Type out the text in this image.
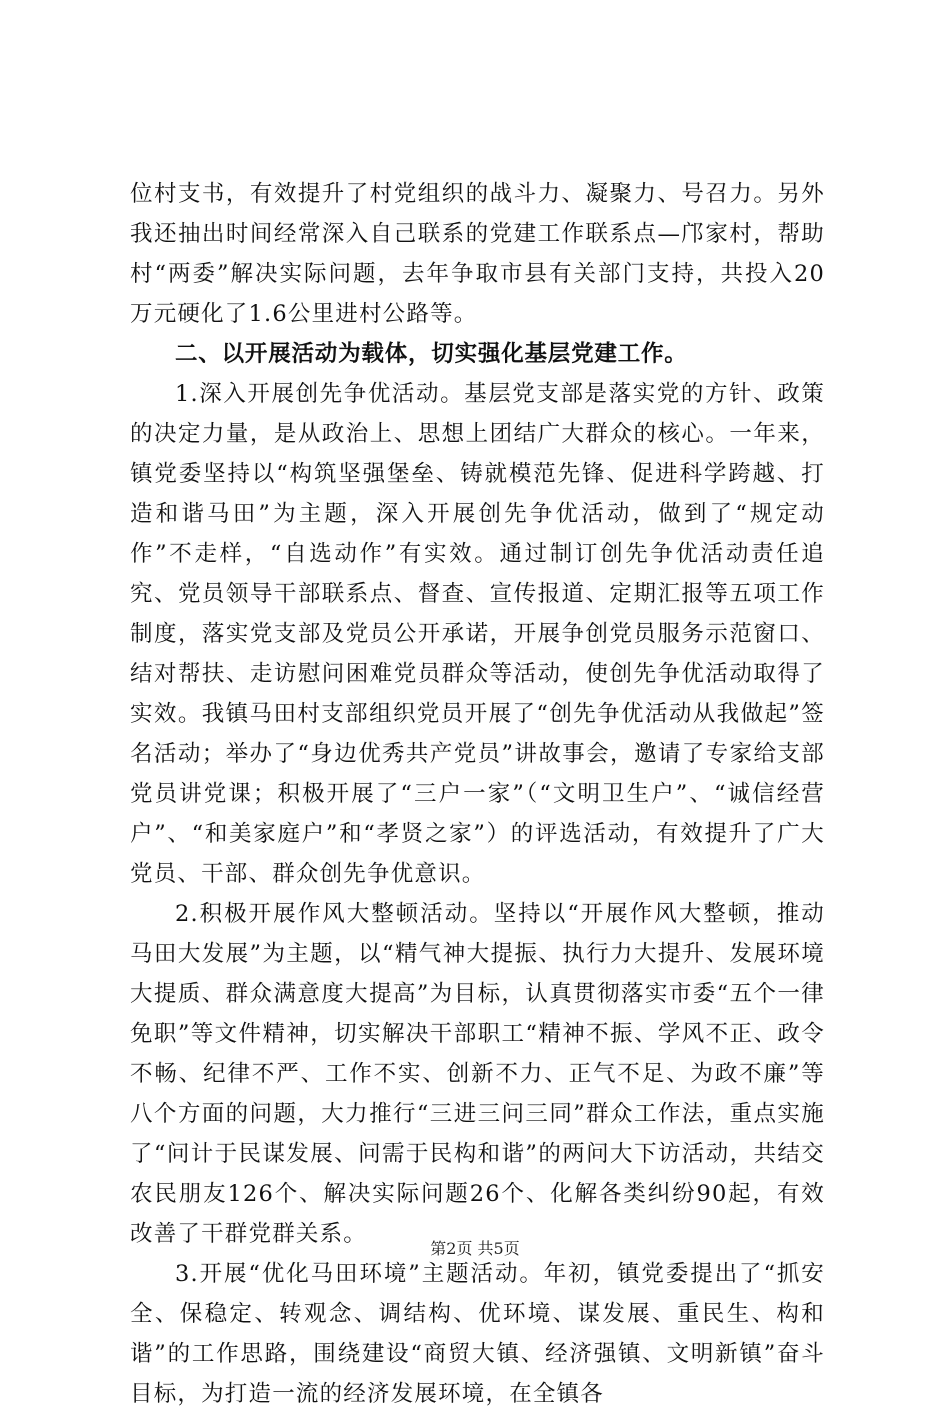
位村支书，有效提升了村党组织的战斗力、凝聚力、号召力。另外我还抽出时间经常深入自己联系的党建工作联系点—邝家村，帮助村“两委”解决实际问题，去年争取市县有关部门支持，共投入20万元硬化了1.6公里进村公路等。

二、以开展活动为载体，切实强化基层党建工作。

1.深入开展创先争优活动。基层党支部是落实党的方针、政策的决定力量，是从政治上、思想上团结广大群众的核心。一年来，镇党委坚持以“构筑坚强堡垒、铸就模范先锋、促进科学跨越、打造和谐马田”为主题，深入开展创先争优活动，做到了“规定动作”不走样，“自选动作”有实效。通过制订创先争优活动责任追究、党员领导干部联系点、督查、宣传报道、定期汇报等五项工作制度，落实党支部及党员公开承诺，开展争创党员服务示范窗口、结对帮扶、走访慰问困难党员群众等活动，使创先争优活动取得了实效。我镇马田村支部组织党员开展了“创先争优活动从我做起”签名活动；举办了“身边优秀共产党员”讲故事会，邀请了专家给支部党员讲党课；积极开展了“三户一家”（“文明卫生户”、“诚信经营户”、“和美家庭户”和“孝贤之家”）的评选活动，有效提升了广大党员、干部、群众创先争优意识。

2.积极开展作风大整顿活动。坚持以“开展作风大整顿，推动马田大发展”为主题，以“精气神大提振、执行力大提升、发展环境大提质、群众满意度大提高”为目标，认真贯彻落实市委“五个一律免职”等文件精神，切实解决干部职工“精神不振、学风不正、政令不畅、纪律不严、工作不实、创新不力、正气不足、为政不廉”等八个方面的问题，大力推行“三进三问三同”群众工作法，重点实施了“问计于民谋发展、问需于民构和谐”的两问大下访活动，共结交农民朋友126个、解决实际问题26个、化解各类纠纷90起，有效改善了干群党群关系。

3.开展“优化马田环境”主题活动。年初，镇党委提出了“抓安全、保稳定、转观念、调结构、优环境、谋发展、重民生、构和谐”的工作思路，围绕建设“商贸大镇、经济强镇、文明新镇”奋斗目标，为打造一流的经济发展环境，在全镇各

第2页 共5页
